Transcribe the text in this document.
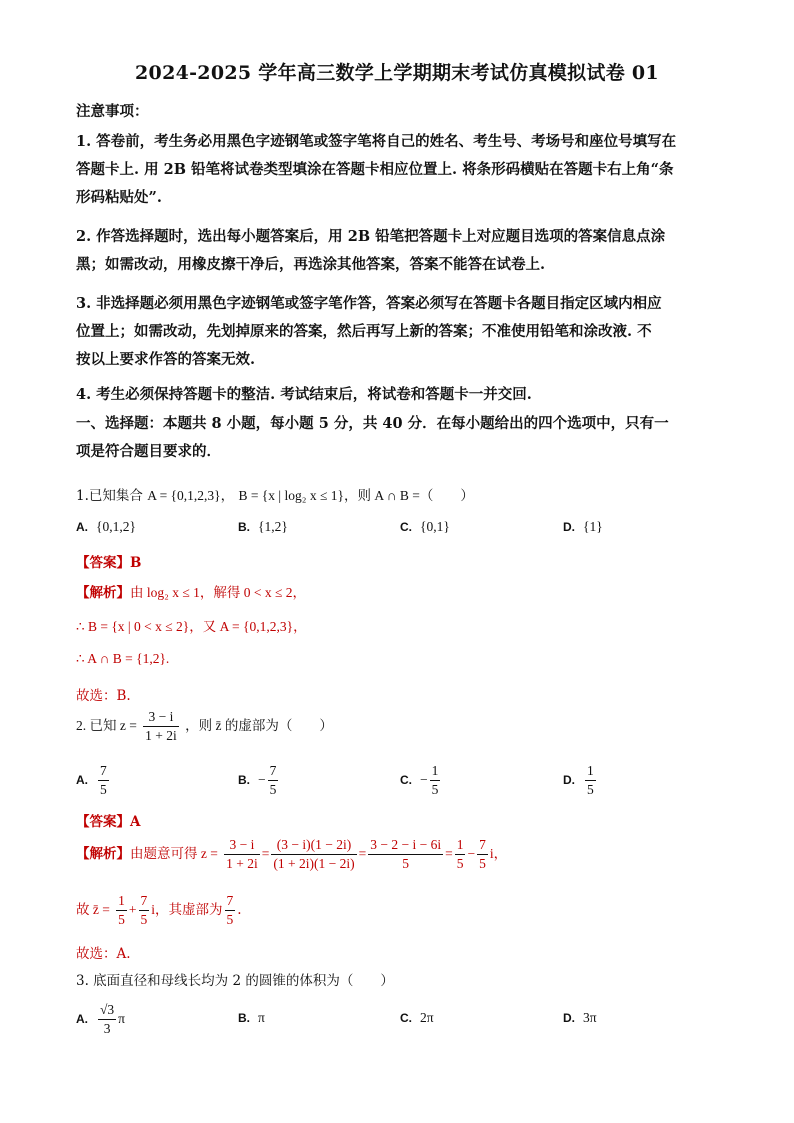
2024-2025 学年高三数学上学期期末考试仿真模拟试卷 01
注意事项：
1. 答卷前，考生务必用黑色字迹钢笔或签字笔将自己的姓名、考生号、考场号和座位号填写在
答题卡上. 用 2B 铅笔将试卷类型填涂在答题卡相应位置上. 将条形码横贴在答题卡右上角“条
形码粘贴处”.
2. 作答选择题时，选出每小题答案后，用 2B 铅笔把答题卡上对应题目选项的答案信息点涂
黑；如需改动，用橡皮擦干净后，再选涂其他答案，答案不能答在试卷上.
3. 非选择题必须用黑色字迹钢笔或签字笔作答，答案必须写在答题卡各题目指定区域内相应
位置上；如需改动，先划掉原来的答案，然后再写上新的答案；不准使用铅笔和涂改液. 不
按以上要求作答的答案无效.
4. 考生必须保持答题卡的整洁. 考试结束后，将试卷和答题卡一并交回.
一、选择题：本题共 8 小题，每小题 5 分，共 40 分．在每小题给出的四个选项中，只有一
项是符合题目要求的．
1.已知集合 A = {0,1,2,3}， B = {x | log₂ x ≤ 1}，则 A ∩ B =（　　）
A. {0,1,2}	B. {1,2}	C. {0,1}	D. {1}
【答案】B
【解析】由 log₂ x ≤ 1，解得 0 < x ≤ 2，
∴ B = {x | 0 < x ≤ 2}，又 A = {0,1,2,3}，
∴ A ∩ B = {1,2}.
故选：B.
2. 已知 $z = \frac{3 - i}{1 + 2i}$ ，则 z̄ 的虚部为（　　）
A. $\frac{7}{5}$	B. − $\frac{7}{5}$	C. − $\frac{1}{5}$	D. $\frac{1}{5}$
【答案】A
【解析】由题意可得 $z = \frac{3 - i}{1 + 2i} = \frac{(3 - i)(1 - 2i)}{(1 + 2i)(1 - 2i)} = \frac{3 - 2 - i - 6i}{5} = \frac{1}{5} - \frac{7}{5}$ i，
故 z̄ = $\frac{1}{5} + \frac{7}{5}$ i，其虚部为 $\frac{7}{5}$ .
故选：A.
3. 底面直径和母线长均为 2 的圆锥的体积为（　　）
A. $\frac{√3}{3}$ π	B. π	C. 2π	D. 3π
